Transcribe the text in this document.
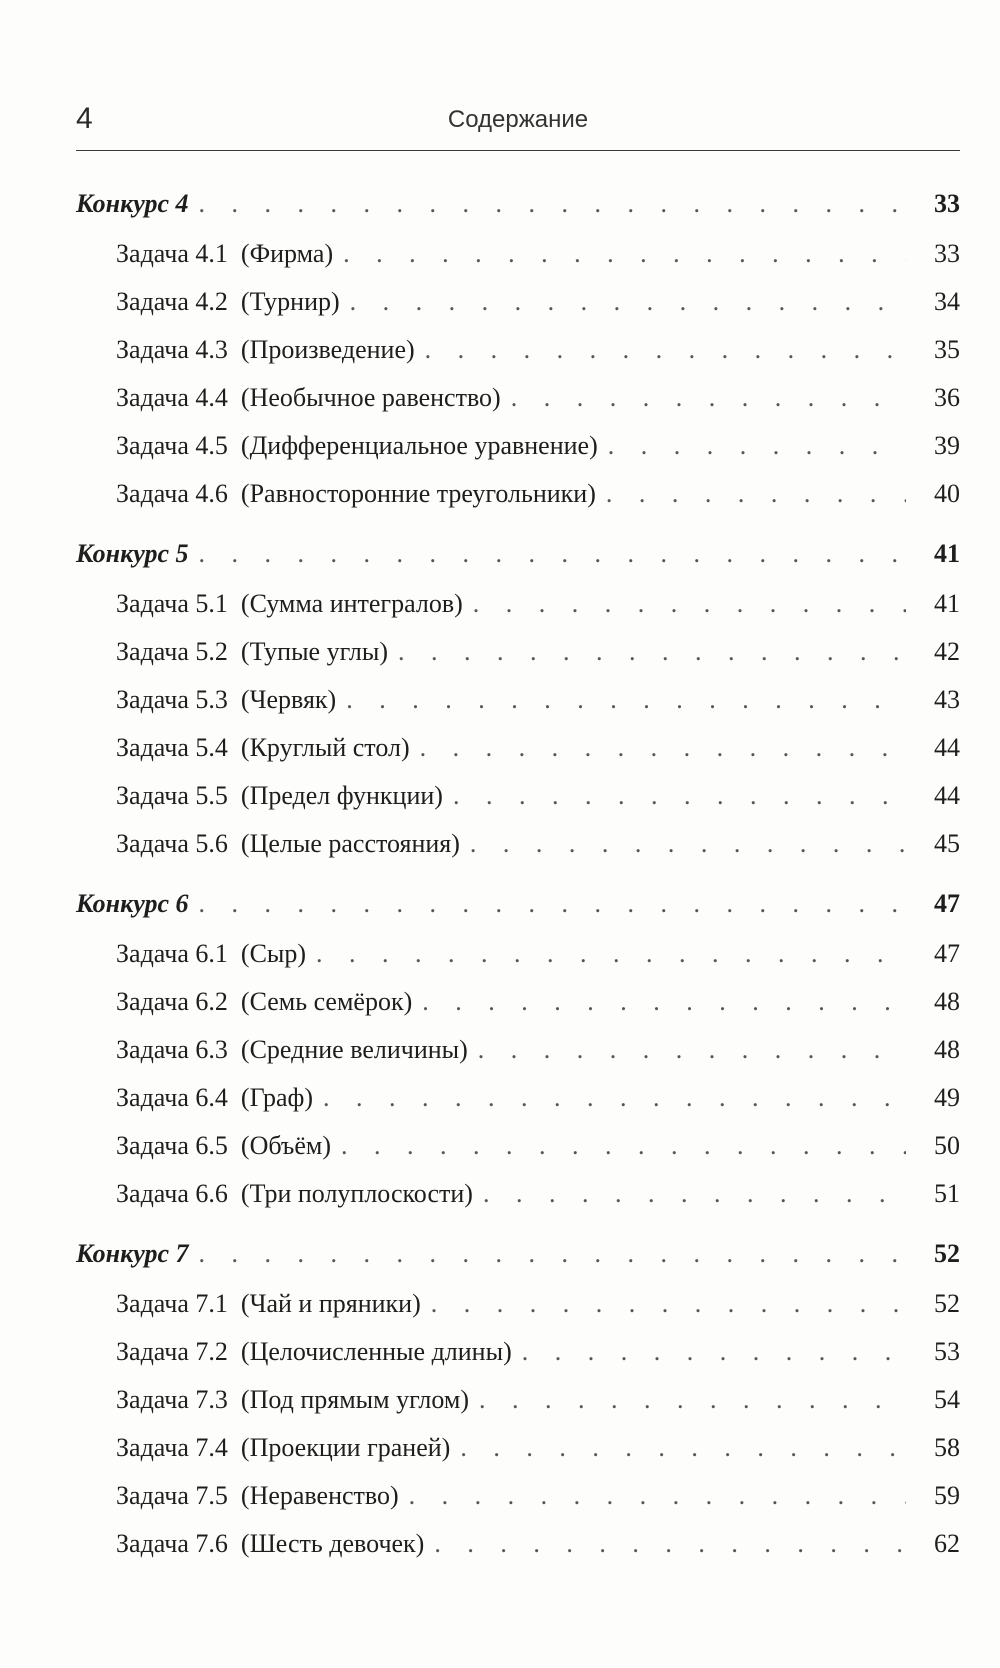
4	Содержание
Конкурс 4 . . .	33
Задача 4.1  (Фирма) . . .	33
Задача 4.2  (Турнир) . . .	34
Задача 4.3  (Произведение) . . .	35
Задача 4.4  (Необычное равенство) . . .	36
Задача 4.5  (Дифференциальное уравнение) . . .	39
Задача 4.6  (Равносторонние треугольники) . . .	40
Конкурс 5 . . .	41
Задача 5.1  (Сумма интегралов) . . .	41
Задача 5.2  (Тупые углы) . . .	42
Задача 5.3  (Червяк) . . .	43
Задача 5.4  (Круглый стол) . . .	44
Задача 5.5  (Предел функции) . . .	44
Задача 5.6  (Целые расстояния) . . .	45
Конкурс 6 . . .	47
Задача 6.1  (Сыр) . . .	47
Задача 6.2  (Семь семёрок) . . .	48
Задача 6.3  (Средние величины) . . .	48
Задача 6.4  (Граф) . . .	49
Задача 6.5  (Объём) . . .	50
Задача 6.6  (Три полуплоскости) . . .	51
Конкурс 7 . . .	52
Задача 7.1  (Чай и пряники) . . .	52
Задача 7.2  (Целочисленные длины) . . .	53
Задача 7.3  (Под прямым углом) . . .	54
Задача 7.4  (Проекции граней) . . .	58
Задача 7.5  (Неравенство) . . .	59
Задача 7.6  (Шесть девочек) . . .	62
